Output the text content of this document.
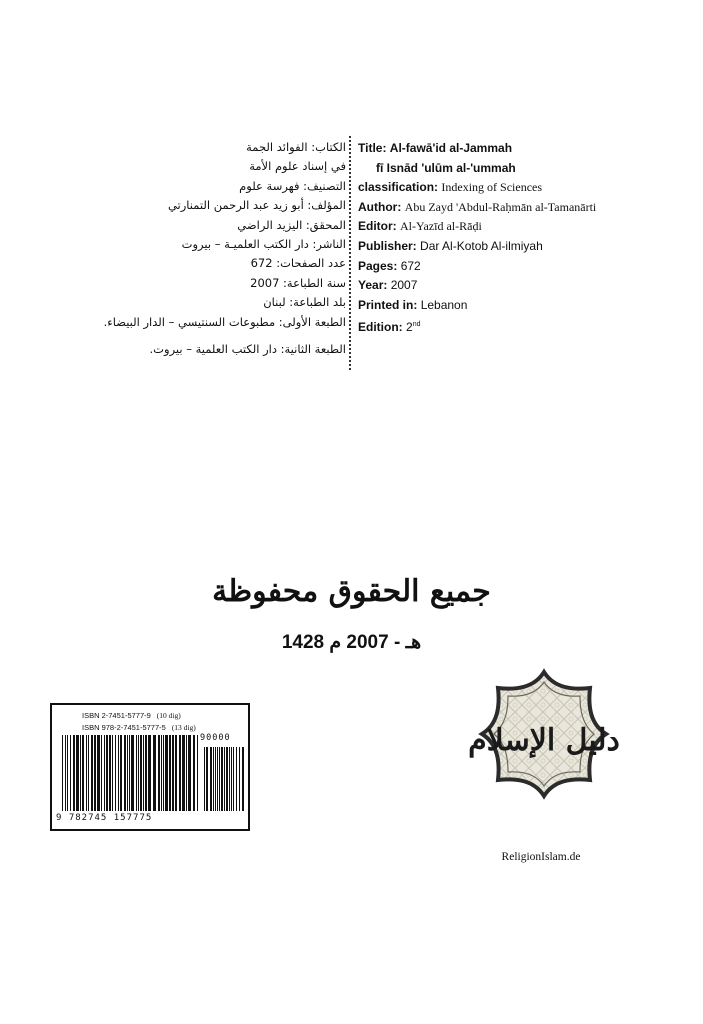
الكتاب: الفوائد الجمة
في إسناد علوم الأمة
التصنيف: فهرسة علوم
المؤلف: أبو زيد عبد الرحمن التمنارتي
المحقق: اليزيد الراضي
الناشر: دار الكتب العلميـة – بيروت
عدد الصفحات: 672
سنة الطباعة: 2007
بلد الطباعة: لبنان
الطبعة الأولى: مطبوعات السنتيسي – الدار البيضاء.
الطبعة الثانية: دار الكتب العلمية – بيروت.
Title: Al-fawā'id al-Jammah
fī Isnād 'ulūm al-'ummah
classification: Indexing of Sciences
Author: Abu Zayd 'Abdul-Raḥmān al-Tamanārti
Editor: Al-Yazīd al-Rāḍi
Publisher: Dar Al-Kotob Al-ilmiyah
Pages: 672
Year: 2007
Printed in: Lebanon
Edition: 2nd
جميع الحقوق محفوظة
1428 هـ - 2007 م
ISBN 2-7451-5777-9 (10 dig)
ISBN 978-2-7451-5777-5 (13 dig)
9 782745 157775
90000	دليل الإسلام
ReligionIslam.de
